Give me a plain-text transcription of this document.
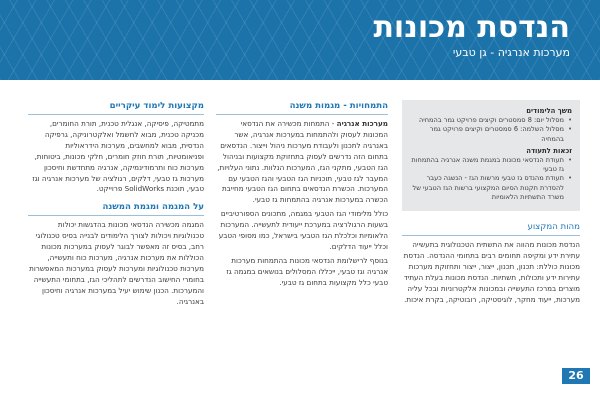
הנדסת מכונות
מערכות אנרגיה - גן טבעי
משך הלימודים
• מסלול יום: 8 סמסטרים וקיצים פרויקט גמר בהמחיה
• מסלול השלמה: 6 סמסטרים וקיצים פרויקט גמר בהמחיה
זכאות לתעודה
• תעודת הנדסאי מכונות במגמת משנה אנרגיה בהתמחות גז טבעי
• תעודת מהנדס גז טבעי מרשות הגז - הנשגה כעבר להסדרת תקנות הסיום המקצועי ברשות הגז הטבעי של משרד התשתיות הלאומיות
מהות המקצוע
הנדסת מכונות מהווה את התשתית הטכנולוגית בתעשייה עתירת ידע ומקיפה תחומים רבים בתחומי ההנדסה. הנדסת מכונות כוללת: תכנון, תכנון, ייצור, ייצור ותחזוקת מערכות עתירות ידע ותכולות, תשתיות. הנדסת מכונות בעלת העתיד מוצרים במרכז התעשייה ובמכונות אלקטרוניות ובכל עליה מערכות, ייעוד מחקר, לוגיסטיקה, רובוטיקה, בקרת איכות.
התמחויות - מגמות משנה
מערכות אנרגיה - התמחות מכשירה את הנדסאי המכונות לעסוק ולהתמחות במערכות אנרגיה, אשר באנרגיה לתכנון ולעבודת מערכות ניהול וייצור. הנדסאים בתחום הזה נדרשים לעסוק בתחזוקת מקצועות ובניהול הגז הטבעי, מתקני הגז, המערכות הנלוות. נתוני העלויות, המעבר לגז טבעי, תוכניות הגז הטבעי והגז הטבעי עם המערכות. הכשרת הנדסאים בתחום הגז הטבעי מחייבת הכשרה במערכות אנרגיה בהתמחות גז טבעי.
כולל מלימודי הגז הטבעי במגמה, מתכונים הספורטיביים בשעות הרגולרציה במערכת ייעודית לתעשייה. המערכות הלאומיות וכלכלת הגז הטבעי בישראל, כמו מסופי הטבע וכלל ייעוד הדלקים.
בנוסף לרישלומת הנדסאי מכונות בהתמחות מערכות אנרגיה וגז טבעי, ייכללו המסלולים בנושאים במגמה גז טבעי כלל מקצועות בתחום גז טבעי.
מקצועות לימוד עיקריים
מתמטיקה, פיסיקה, אנגלית טכנית, תורת החומרים, מכניקה טכנית, מבוא לחשמל ואלקטרוניקה, גרפיקה הנדסית, מבוא למחשבים, מערכות הידראוליות ופניאומטיות, תורת חוזק חומרים, חלקי מכונות, ביטוחות, מערכות כוח ותרמודינמיקה, אנרגיה מתחדשת וחיסכון מערכות גז טבעי, דלקים, רגולציה של מערכות אנרגיה וגז טבעי, תוכנת SolidWorks פרוייקט.
על המגמה ומגמת המשנה
המגמה מכשירה הנדסאי מכונות בהדגשות יכולות טכנולוגיות ויכולות לצורך הלימודים לבנייה בסיס טכנולוגי רחב, בסיס זה מאפשר לבוגר לעסוק במערכות מכונות הכוללות את מערכות אנרגיה, מערכות כוח ותעשייה, מערכות טכנולוגיות ומערכות לעסוק במערכות המאפשרות בחומרי החישוב הנדרשים לתהליכי הגז, בתחומי התעשייה והמערכות. הכנון שימוש יעיל במערכות אנרגיה וחיסכון באנרגיה.
26
